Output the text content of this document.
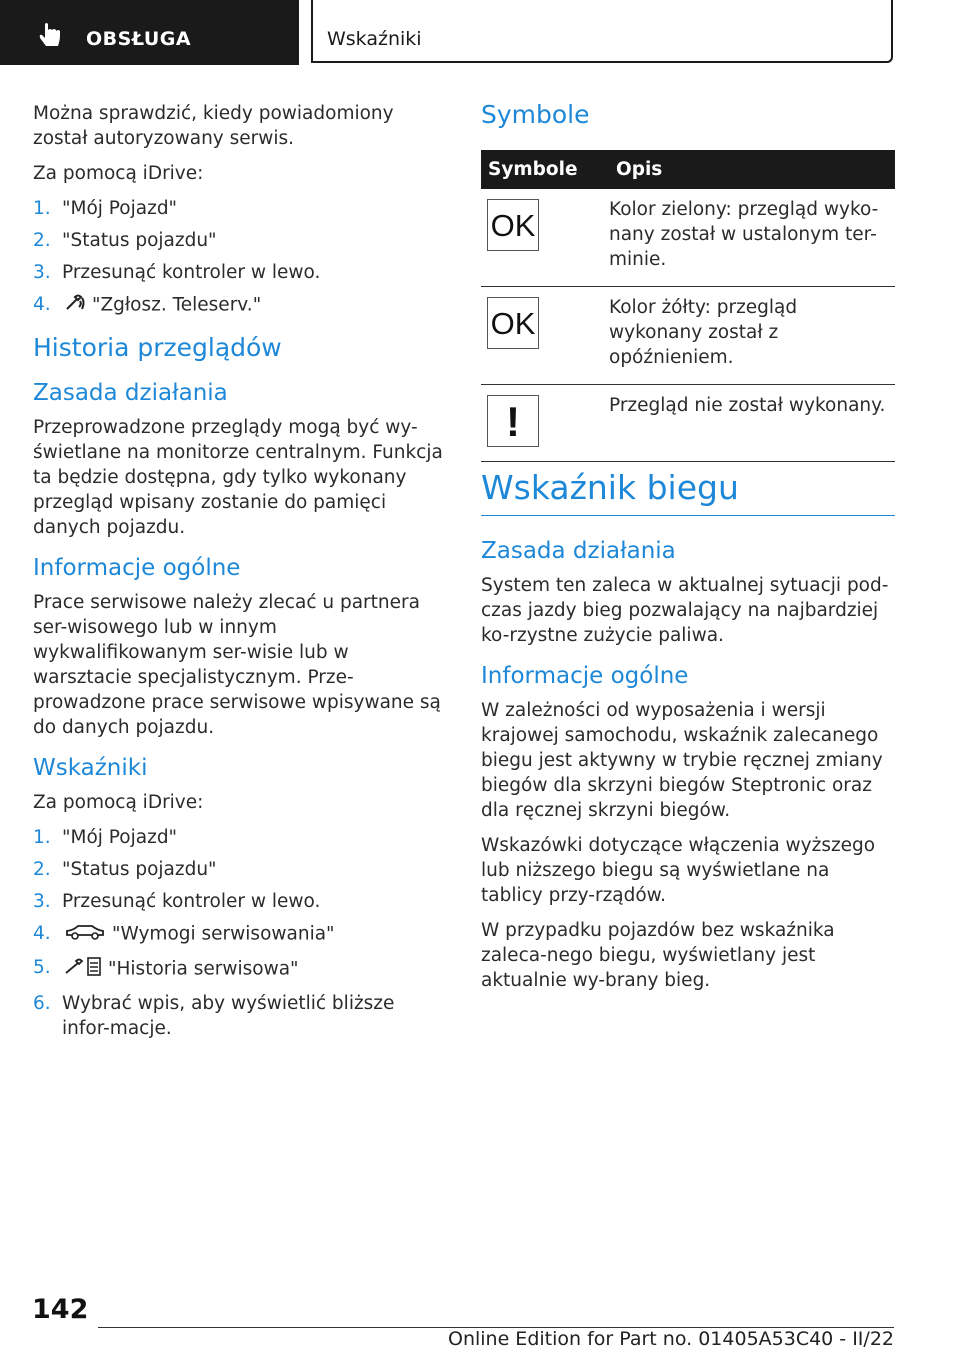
OBSŁUGA	Wskaźniki

Można sprawdzić, kiedy powiadomiony został autoryzowany serwis.

Za pomocą iDrive:

1. "Mój Pojazd"
2. "Status pojazdu"
3. Przesunąć kontroler w lewo.
4. "Zgłosz. Teleserv."
Historia przeglądów
Zasada działania

Przeprowadzone przeglądy mogą być wy-świetlane na monitorze centralnym. Funkcja ta będzie dostępna, gdy tylko wykonany przegląd wpisany zostanie do pamięci danych pojazdu.

Informacje ogólne

Prace serwisowe należy zlecać u partnera ser-wisowego lub w innym wykwalifikowanym ser-wisie lub w warsztacie specjalistycznym. Prze-prowadzone prace serwisowe wpisywane są do danych pojazdu.

Wskaźniki

Za pomocą iDrive:

1. "Mój Pojazd"
2. "Status pojazdu"
3. Przesunąć kontroler w lewo.
4.	"Wymogi serwisowania"
5.	"Historia serwisowa"
6. Wybrać wpis, aby wyświetlić bliższe infor-macje.
Symbole
Symbole	Opis

OK	Kolor zielony: przegląd wyko-nany został w ustalonym ter-minie.

OK	Kolor żółty: przegląd wykonany został z opóźnieniem.

!	Przegląd nie został wykonany.
Wskaźnik biegu
Zasada działania

System ten zaleca w aktualnej sytuacji pod-czas jazdy bieg pozwalający na najbardziej ko-rzystne zużycie paliwa.

Informacje ogólne

W zależności od wyposażenia i wersji krajowej samochodu, wskaźnik zalecanego biegu jest aktywny w trybie ręcznej zmiany biegów dla skrzyni biegów Steptronic oraz dla ręcznej skrzyni biegów.

Wskazówki dotyczące włączenia wyższego lub niższego biegu są wyświetlane na tablicy przy-rządów.

W przypadku pojazdów bez wskaźnika zaleca-nego biegu, wyświetlany jest aktualnie wy-brany bieg.

142
Online Edition for Part no. 01405A53C40 - II/22
